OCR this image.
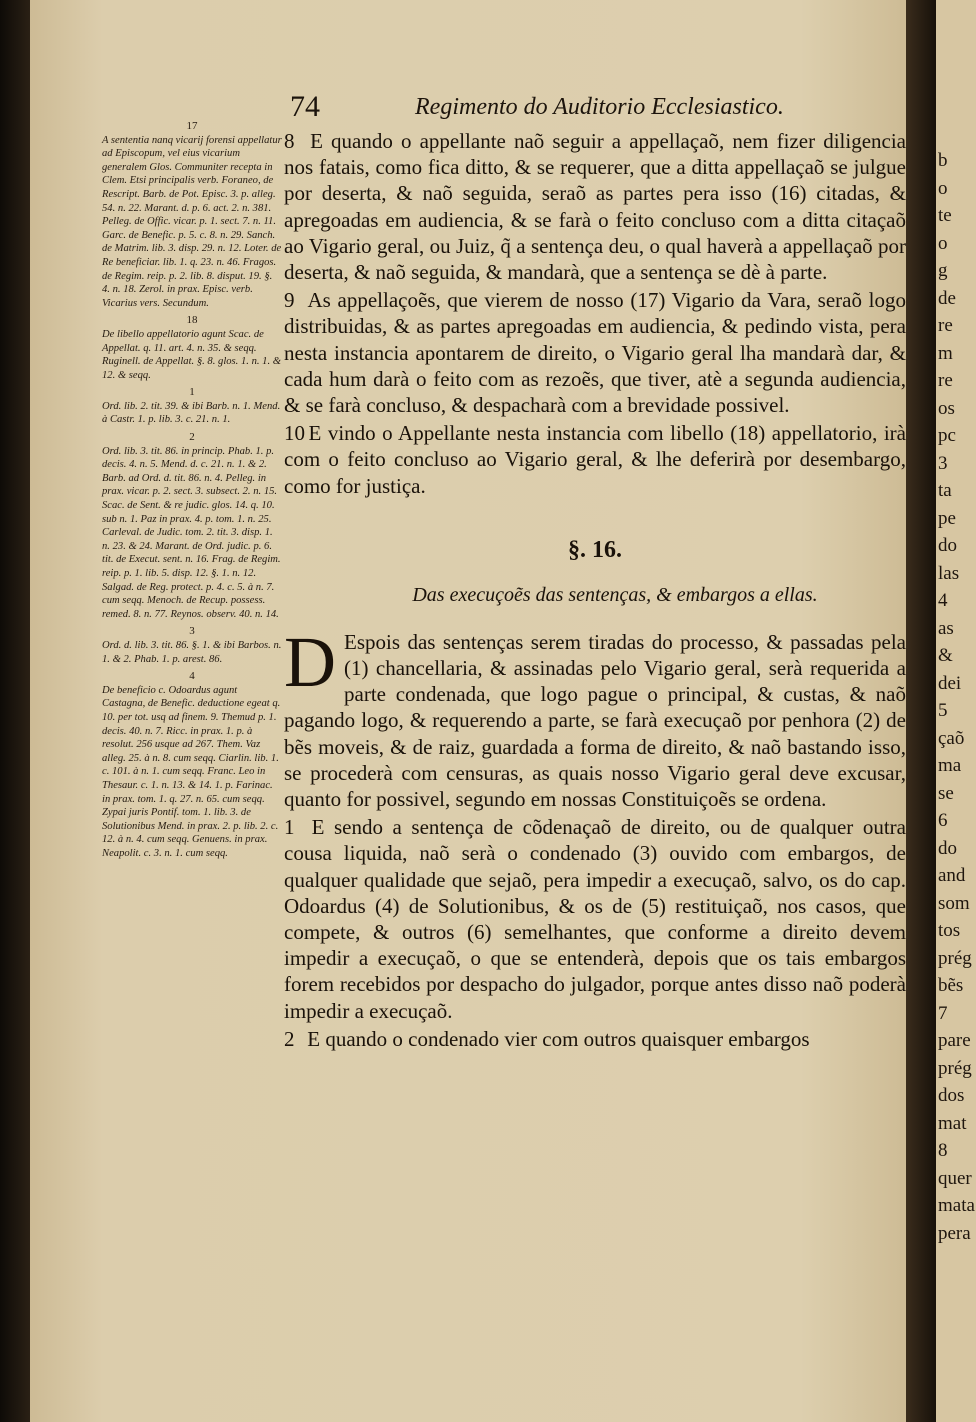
74	Regimento do Auditorio Ecclesiastico.
17
A sententia nanq vicarij forensi appellatur ad Episcopum, vel eius vicarium generalem Glos. Communiter recepta in Clem. Etsi principalis verb. Foraneo, de Rescript. Barb. de Pot. Episc. 3. p. alleg. 54. n. 22. Marant. d. p. 6. act. 2. n. 381. Pelleg. de Offic. vicar. p. 1. sect. 7. n. 11. Garc. de Benefic. p. 5. c. 8. n. 29. Sanch. de Matrim. lib. 3. disp. 29. n. 12. Loter. de Re beneficiar. lib. 1. q. 23. n. 46. Fragos. de Regim. reip. p. 2. lib. 8. disput. 19. §. 4. n. 18. Zerol. in prax. Episc. verb. Vicarius vers. Secundum.
18
De libello appellatorio agunt Scac. de Appellat. q. 11. art. 4. n. 35. & seqq. Ruginell. de Appellat. §. 8. glos. 1. n. 1. & 12. & seqq.
1
Ord. lib. 2. tit. 39. & ibi Barb. n. 1. Mend. à Castr. 1. p. lib. 3. c. 21. n. 1.
2
Ord. lib. 3. tit. 86. in princip. Phab. 1. p. decis. 4. n. 5. Mend. d. c. 21. n. 1. & 2. Barb. ad Ord. d. tit. 86. n. 4. Pelleg. in prax. vicar. p. 2. sect. 3. subsect. 2. n. 15. Scac. de Sent. & re judic. glos. 14. q. 10. sub n. 1. Paz in prax. 4. p. tom. 1. n. 25. Carleval. de Judic. tom. 2. tit. 3. disp. 1. n. 23. & 24. Marant. de Ord. judic. p. 6. tit. de Execut. sent. n. 16. Frag. de Regim. reip. p. 1. lib. 5. disp. 12. §. 1. n. 12. Salgad. de Reg. protect. p. 4. c. 5. à n. 7. cum seqq. Menoch. de Recup. possess. remed. 8. n. 77. Reynos. observ. 40. n. 14.
3
Ord. d. lib. 3. tit. 86. §. 1. & ibi Barbos. n. 1. & 2. Phab. 1. p. arest. 86.
4
De beneficio c. Odoardus agunt Castagna, de Benefic. deductione egeat q. 10. per tot. usq ad finem. 9. Themud p. 1. decis. 40. n. 7. Ricc. in prax. 1. p. à resolut. 256 usque ad 267. Them. Vaz alleg. 25. à n. 8. cum seqq. Ciarlin. lib. 1. c. 101. à n. 1. cum seqq. Franc. Leo in Thesaur. c. 1. n. 13. & 14. 1. p. Farinac. in prax. tom. 1. q. 27. n. 65. cum seqq. Zypai juris Pontif. tom. 1. lib. 3. de Solutionibus Mend. in prax. 2. p. lib. 2. c. 12. à n. 4. cum seqq. Genuens. in prax. Neapolit. c. 3. n. 1. cum seqq.

8 E quando o appellante naõ seguir a appellaçaõ, nem fizer diligencia nos fatais, como fica ditto, & se requerer, que a ditta appellaçaõ se julgue por deserta, & naõ seguida, seraõ as partes pera isso (16) citadas, & apregoadas em audiencia, & se farà o feito concluso com a ditta citaçaõ ao Vigario geral, ou Juiz, q̃ a sentença deu, o qual haverà a appellaçaõ por deserta, & naõ seguida, & mandarà, que a sentença se dè à parte.

9 As appellaçoẽs, que vierem de nosso (17) Vigario da Vara, seraõ logo distribuidas, & as partes apregoadas em audiencia, & pedindo vista, pera nesta instancia apontarem de direito, o Vigario geral lha mandarà dar, & cada hum darà o feito com as rezoẽs, que tiver, atè a segunda audiencia, & se farà concluso, & despacharà com a brevidade possivel.

10 E vindo o Appellante nesta instancia com libello (18) appellatorio, irà com o feito concluso ao Vigario geral, & lhe deferirà por desembargo, como for justiça.

§. 16.
Das execuçoẽs das sentenças, & embargos a ellas.

D Espois das sentenças serem tiradas do processo, & passadas pela (1) chancellaria, & assinadas pelo Vigario geral, serà requerida a parte condenada, que logo pague o principal, & custas, & naõ pagando logo, & requerendo a parte, se farà execuçaõ por penhora (2) de bẽs moveis, & de raiz, guardada a forma de direito, & naõ bastando isso, se procederà com censuras, as quais nosso Vigario geral deve excusar, quanto for possivel, segundo em nossas Constituiçoẽs se ordena.

1 E sendo a sentença de cõdenaçaõ de direito, ou de qualquer outra cousa liquida, naõ serà o condenado (3) ouvido com embargos, de qualquer qualidade que sejaõ, pera impedir a execuçaõ, salvo, os do cap. Odoardus (4) de Solutionibus, & os de (5) restituiçaõ, nos casos, que compete, & outros (6) semelhantes, que conforme a direito devem impedir a execuçaõ, o que se entenderà, depois que os tais embargos forem recebidos por despacho do julgador, porque antes disso naõ poderà impedir a execuçaõ.

2 E quando o condenado vier com outros quaisquer embargos

b
o
te
o
g
de
re
m
re
os
pc
3
ta
pe
do
las
4
as
&
dei
5
çaõ
ma
se
6
do
and
som
tos
prég
bẽs
7
pare
prég
dos
mat
8
quer
mata
pera
